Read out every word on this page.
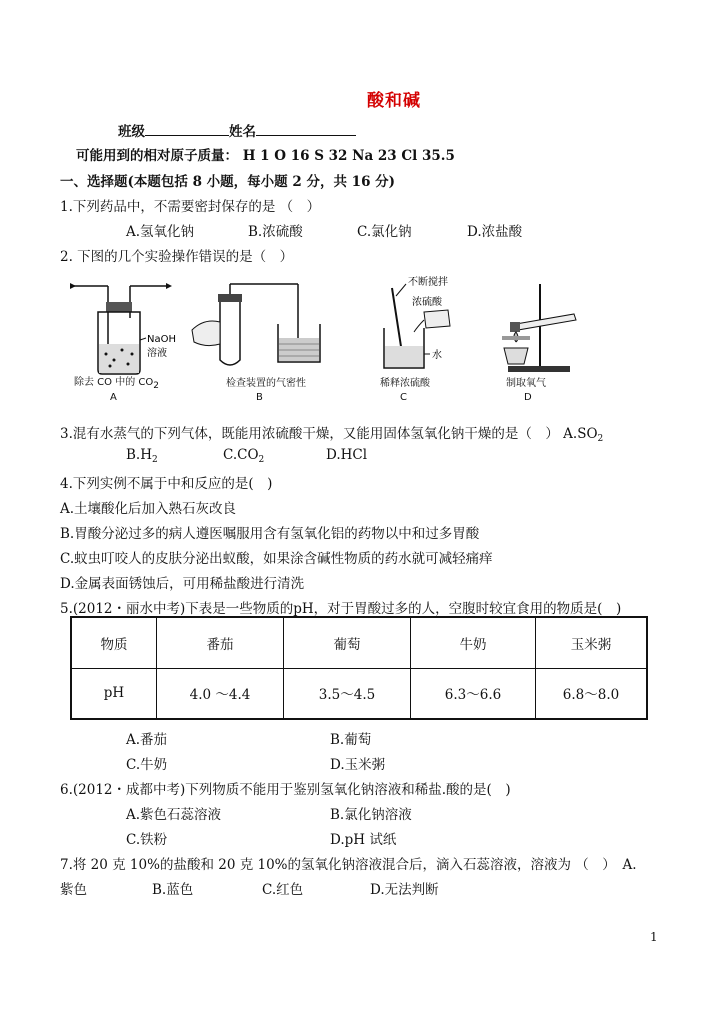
酸和碱
班级	姓名
可能用到的相对原子质量： H 1 O 16 S 32 Na 23 Cl 35.5
一、选择题(本题包括 8 小题，每小题 2 分，共 16 分)
1.下列药品中，不需要密封保存的是 （　）
A.氢氧化钠	B.浓硫酸	C.氯化钠	D.浓盐酸
2. 下图的几个实验操作错误的是（　）
NaOH
溶液
除去 CO 中的 CO2
A
检查装置的气密性
B
不断搅拌
浓硫酸
水
稀释浓硫酸
C
制取氧气
D
3.混有水蒸气的下列气体，既能用浓硫酸干燥，又能用固体氢氧化钠干燥的是（　） $A.SO_2$
$B.H_2$	$C.CO_2$	D.HCl
4.下列实例不属于中和反应的是(　)
A.土壤酸化后加入熟石灰改良
B.胃酸分泌过多的病人遵医嘱服用含有氢氧化铝的药物以中和过多胃酸
C.蚊虫叮咬人的皮肤分泌出蚁酸，如果涂含碱性物质的药水就可减轻痛痒
D.金属表面锈蚀后，可用稀盐酸进行清洗
5.(2012・丽水中考)下表是一些物质的pH，对于胃酸过多的人，空腹时较宜食用的物质是(　)
物质	番茄	葡萄	牛奶	玉米粥
pH	4.0 ～4.4	3.5～4.5	6.3～6.6	6.8～8.0
A.番茄	B.葡萄
C.牛奶	D.玉米粥
6.(2012・成都中考)下列物质不能用于鉴别氢氧化钠溶液和稀盐.酸的是(　)
A.紫色石蕊溶液	B.氯化钠溶液
C.铁粉	D.pH 试纸
7.将 20 克 10%的盐酸和 20 克 10%的氢氧化钠溶液混合后，滴入石蕊溶液，溶液为 （　）　A.
紫色	B.蓝色	C.红色	D.无法判断
1
